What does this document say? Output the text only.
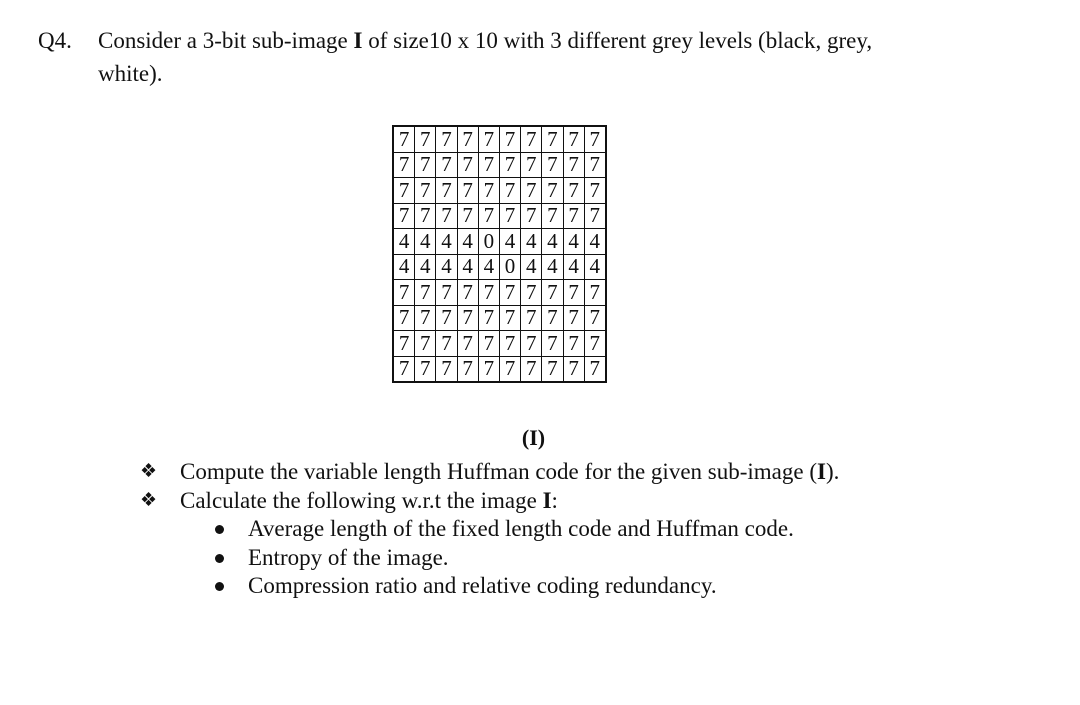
Q4. Consider a 3-bit sub-image I of size10 x 10 with 3 different grey levels (black, grey,
white).
7	7	7	7	7	7	7	7	7	7
7	7	7	7	7	7	7	7	7	7
7	7	7	7	7	7	7	7	7	7
7	7	7	7	7	7	7	7	7	7
4	4	4	4	0	4	4	4	4	4
4	4	4	4	4	0	4	4	4	4
7	7	7	7	7	7	7	7	7	7
7	7	7	7	7	7	7	7	7	7
7	7	7	7	7	7	7	7	7	7
7	7	7	7	7	7	7	7	7	7
(I)
❖ Compute the variable length Huffman code for the given sub-image (I).
❖ Calculate the following w.r.t the image I:
Average length of the fixed length code and Huffman code.
Entropy of the image.
Compression ratio and relative coding redundancy.
